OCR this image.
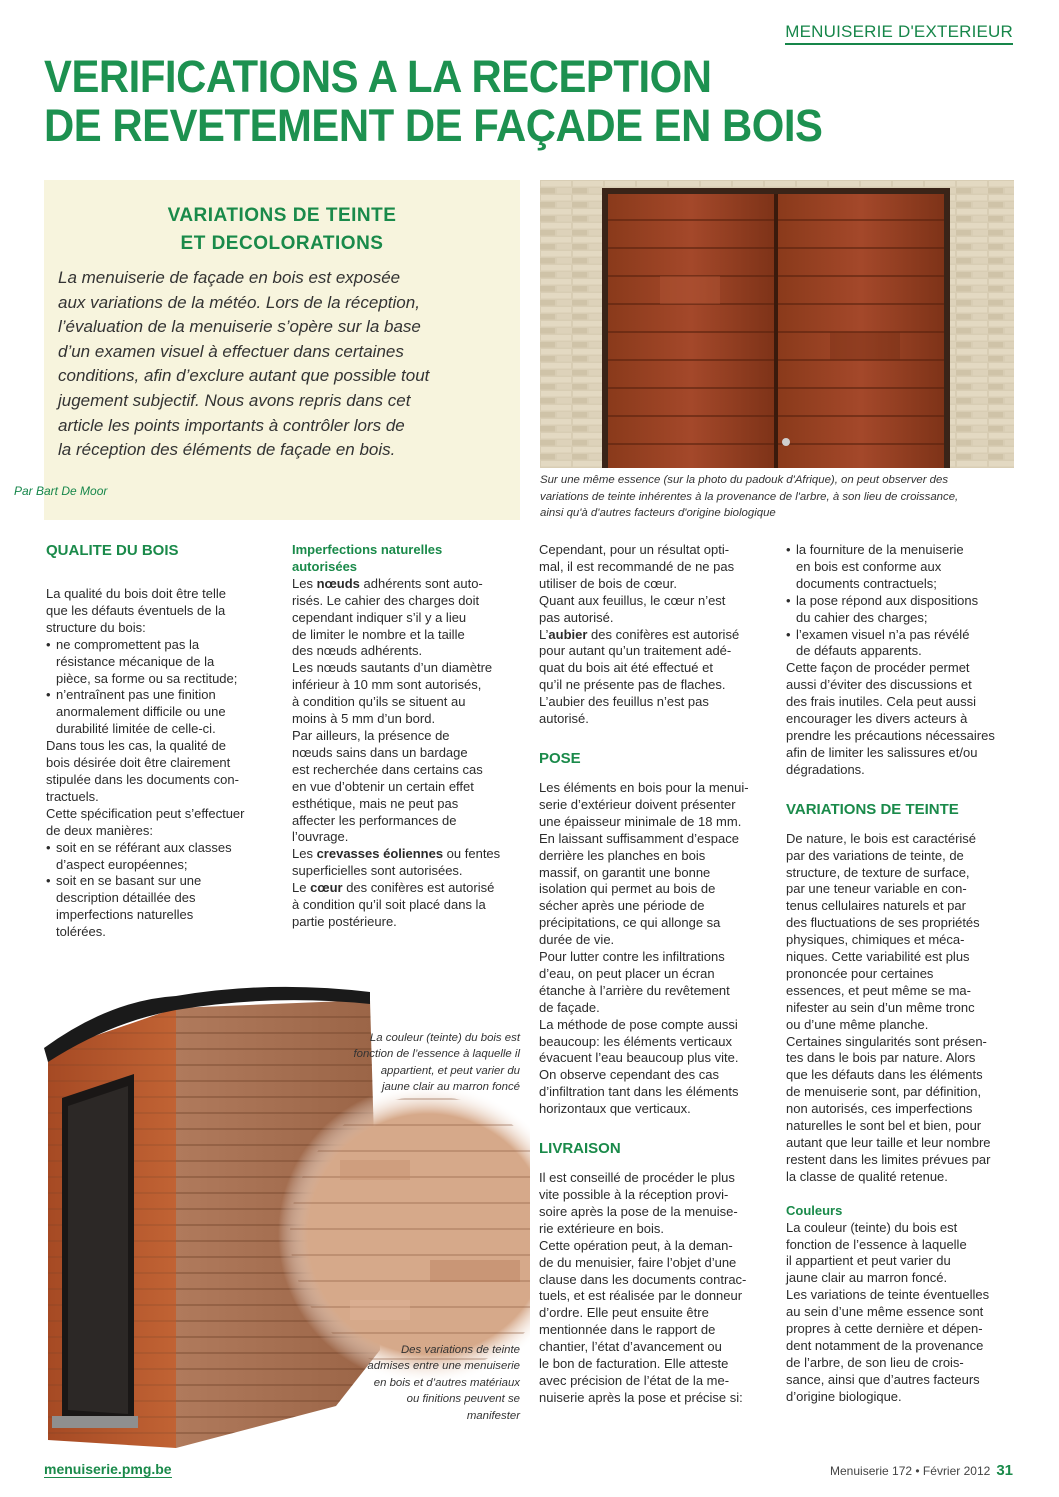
MENUISERIE D'EXTERIEUR
VERIFICATIONS A LA RECEPTION
DE REVETEMENT DE FAÇADE EN BOIS
VARIATIONS DE TEINTE
ET DECOLORATIONS
La menuiserie de façade en bois est exposée
aux variations de la météo. Lors de la réception,
l’évaluation de la menuiserie s’opère sur la base
d’un examen visuel à effectuer dans certaines
conditions, afin d’exclure autant que possible tout
jugement subjectif. Nous avons repris dans cet
article les points importants à contrôler lors de
la réception des éléments de façade en bois.
Par Bart De Moor
Sur une même essence (sur la photo du padouk d'Afrique), on peut observer des
variations de teinte inhérentes à la provenance de l'arbre, à son lieu de croissance,
ainsi qu'à d'autres facteurs d'origine biologique
QUALITE DU BOIS

La qualité du bois doit être telle
que les défauts éventuels de la
structure du bois:

• ne compromettent pas la
résistance mécanique de la
pièce, sa forme ou sa rectitude;
• n’entraînent pas une finition
anormalement difficile ou une
durabilité limitée de celle-ci.

Dans tous les cas, la qualité de
bois désirée doit être clairement
stipulée dans les documents con-
tractuels.

Cette spécification peut s’effectuer
de deux manières:

• soit en se référant aux classes
d’aspect européennes;
• soit en se basant sur une
description détaillée des
imperfections naturelles
tolérées.
Imperfections naturelles
autorisées

Les nœuds adhérents sont auto-
risés. Le cahier des charges doit
cependant indiquer s’il y a lieu
de limiter le nombre et la taille
des nœuds adhérents.

Les nœuds sautants d’un diamètre
inférieur à 10 mm sont autorisés,
à condition qu’ils se situent au
moins à 5 mm d’un bord.

Par ailleurs, la présence de
nœuds sains dans un bardage
est recherchée dans certains cas
en vue d’obtenir un certain effet
esthétique, mais ne peut pas
affecter les performances de
l’ouvrage.

Les crevasses éoliennes ou fentes
superficielles sont autorisées.

Le cœur des conifères est autorisé
à condition qu’il soit placé dans la
partie postérieure.

Cependant, pour un résultat opti-
mal, il est recommandé de ne pas
utiliser de bois de cœur.

Quant aux feuillus, le cœur n’est
pas autorisé.

L’aubier des conifères est autorisé
pour autant qu’un traitement adé-
quat du bois ait été effectué et
qu’il ne présente pas de flaches.
L’aubier des feuillus n’est pas
autorisé.

POSE

Les éléments en bois pour la menui-
serie d’extérieur doivent présenter
une épaisseur minimale de 18 mm.
En laissant suffisamment d’espace
derrière les planches en bois
massif, on garantit une bonne
isolation qui permet au bois de
sécher après une période de
précipitations, ce qui allonge sa
durée de vie.

Pour lutter contre les infiltrations
d’eau, on peut placer un écran
étanche à l’arrière du revêtement
de façade.

La méthode de pose compte aussi
beaucoup: les éléments verticaux
évacuent l’eau beaucoup plus vite.
On observe cependant des cas
d’infiltration tant dans les éléments
horizontaux que verticaux.

LIVRAISON

Il est conseillé de procéder le plus
vite possible à la réception provi-
soire après la pose de la menuise-
rie extérieure en bois.

Cette opération peut, à la deman-
de du menuisier, faire l’objet d’une
clause dans les documents contrac-
tuels, et est réalisée par le donneur
d’ordre. Elle peut ensuite être
mentionnée dans le rapport de
chantier, l’état d’avancement ou
le bon de facturation. Elle atteste
avec précision de l’état de la me-
nuiserie après la pose et précise si:

• la fourniture de la menuiserie
en bois est conforme aux
documents contractuels;
• la pose répond aux dispositions
du cahier des charges;
• l’examen visuel n’a pas révélé
de défauts apparents.

Cette façon de procéder permet
aussi d’éviter des discussions et
des frais inutiles. Cela peut aussi
encourager les divers acteurs à
prendre les précautions nécessaires
afin de limiter les salissures et/ou
dégradations.

VARIATIONS DE TEINTE

De nature, le bois est caractérisé
par des variations de teinte, de
structure, de texture de surface,
par une teneur variable en con-
tenus cellulaires naturels et par
des fluctuations de ses propriétés
physiques, chimiques et méca-
niques. Cette variabilité est plus
prononcée pour certaines
essences, et peut même se ma-
nifester au sein d’un même tronc
ou d’une même planche.

Certaines singularités sont présen-
tes dans le bois par nature. Alors
que les défauts dans les éléments
de menuiserie sont, par définition,
non autorisés, ces imperfections
naturelles le sont bel et bien, pour
autant que leur taille et leur nombre
restent dans les limites prévues par
la classe de qualité retenue.

Couleurs

La couleur (teinte) du bois est
fonction de l’essence à laquelle
il appartient et peut varier du
jaune clair au marron foncé.

Les variations de teinte éventuelles
au sein d’une même essence sont
propres à cette dernière et dépen-
dent notamment de la provenance
de l’arbre, de son lieu de crois-
sance, ainsi que d’autres facteurs
d’origine biologique.

La couleur (teinte) du bois est
fonction de l’essence à laquelle il
appartient, et peut varier du
jaune clair au marron foncé
Des variations de teinte
admises entre une menuiserie
en bois et d’autres matériaux
ou finitions peuvent se
manifester
menuiserie.pmg.be	Menuiserie 172 • Février 2012 31
